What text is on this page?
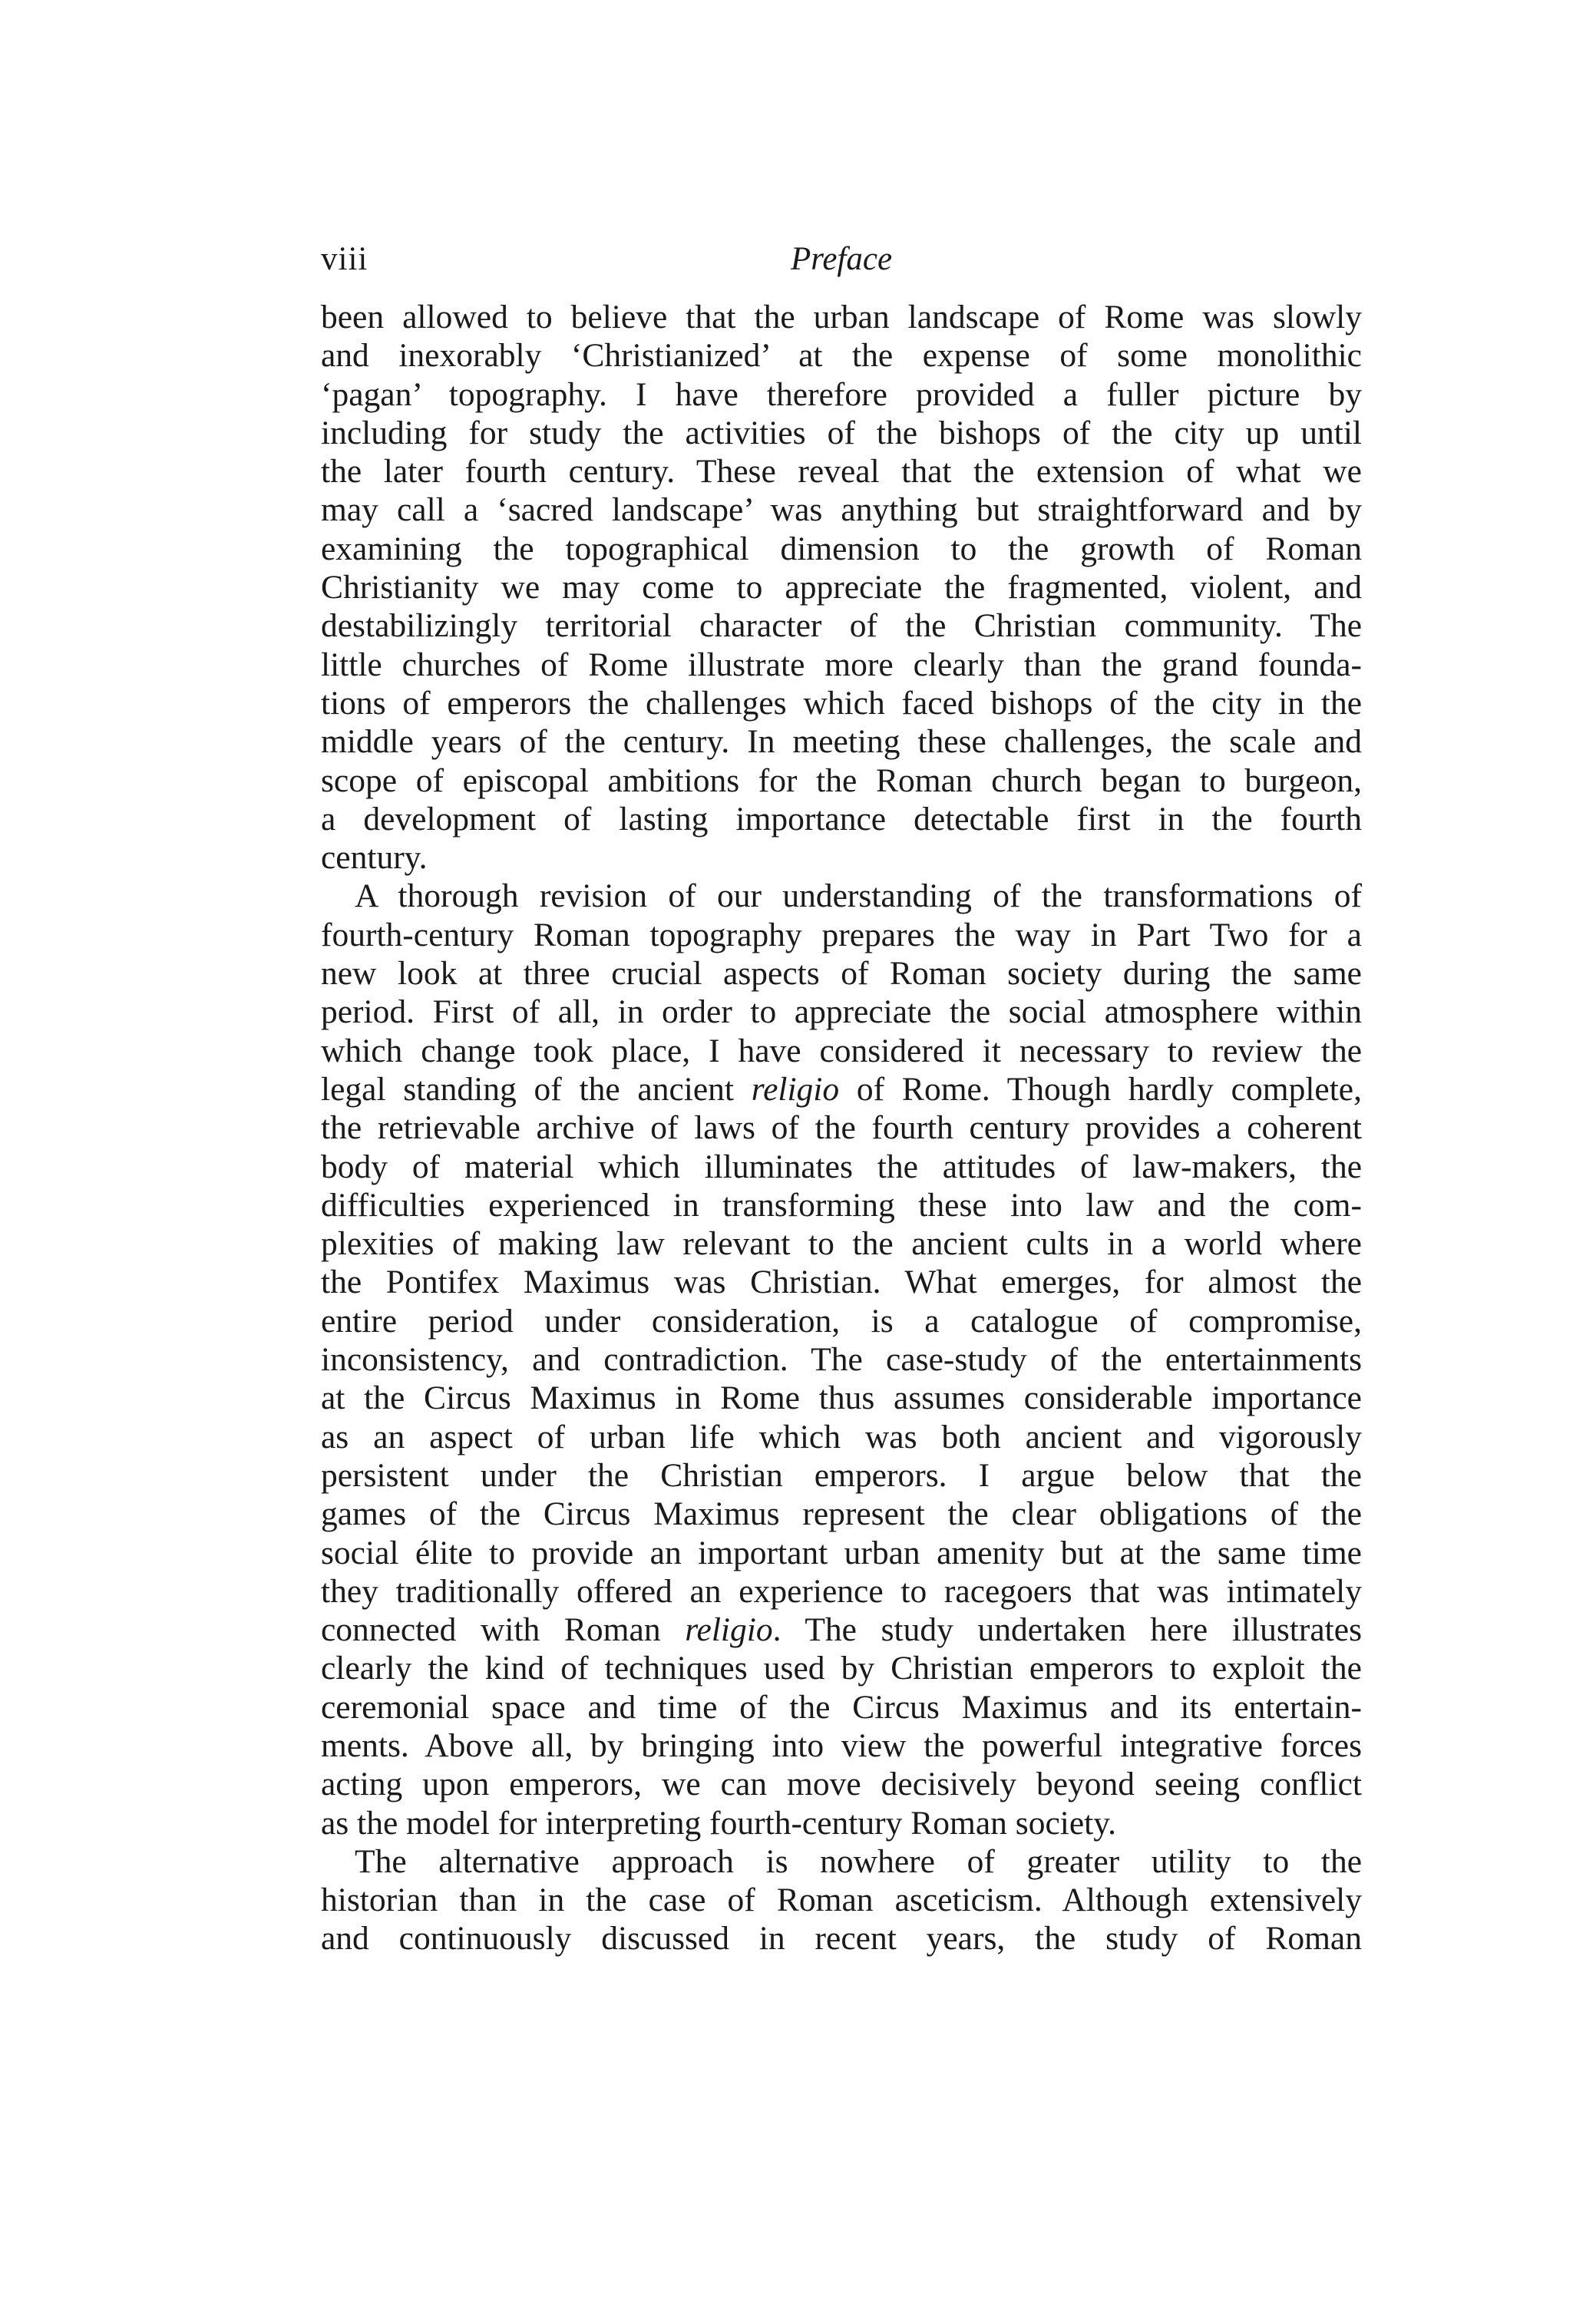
viii	Preface
been allowed to believe that the urban landscape of Rome was slowly
and inexorably ‘Christianized’ at the expense of some monolithic
‘pagan’ topography. I have therefore provided a fuller picture by
including for study the activities of the bishops of the city up until
the later fourth century. These reveal that the extension of what we
may call a ‘sacred landscape’ was anything but straightforward and by
examining the topographical dimension to the growth of Roman
Christianity we may come to appreciate the fragmented, violent, and
destabilizingly territorial character of the Christian community. The
little churches of Rome illustrate more clearly than the grand founda-
tions of emperors the challenges which faced bishops of the city in the
middle years of the century. In meeting these challenges, the scale and
scope of episcopal ambitions for the Roman church began to burgeon,
a development of lasting importance detectable first in the fourth
century.
A thorough revision of our understanding of the transformations of
fourth-century Roman topography prepares the way in Part Two for a
new look at three crucial aspects of Roman society during the same
period. First of all, in order to appreciate the social atmosphere within
which change took place, I have considered it necessary to review the
legal standing of the ancient religio of Rome. Though hardly complete,
the retrievable archive of laws of the fourth century provides a coherent
body of material which illuminates the attitudes of law-makers, the
difficulties experienced in transforming these into law and the com-
plexities of making law relevant to the ancient cults in a world where
the Pontifex Maximus was Christian. What emerges, for almost the
entire period under consideration, is a catalogue of compromise,
inconsistency, and contradiction. The case-study of the entertainments
at the Circus Maximus in Rome thus assumes considerable importance
as an aspect of urban life which was both ancient and vigorously
persistent under the Christian emperors. I argue below that the
games of the Circus Maximus represent the clear obligations of the
social élite to provide an important urban amenity but at the same time
they traditionally offered an experience to racegoers that was intimately
connected with Roman religio. The study undertaken here illustrates
clearly the kind of techniques used by Christian emperors to exploit the
ceremonial space and time of the Circus Maximus and its entertain-
ments. Above all, by bringing into view the powerful integrative forces
acting upon emperors, we can move decisively beyond seeing conflict
as the model for interpreting fourth-century Roman society.
The alternative approach is nowhere of greater utility to the
historian than in the case of Roman asceticism. Although extensively
and continuously discussed in recent years, the study of Roman
